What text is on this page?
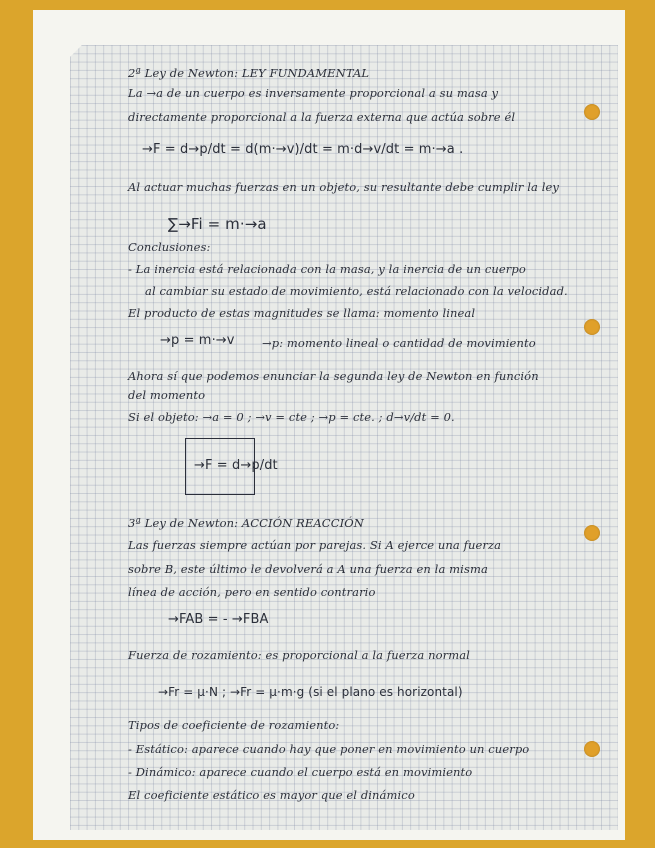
2ª Ley de Newton: LEY FUNDAMENTAL
La →a de un cuerpo es inversamente proporcional a su masa y
directamente proporcional a la fuerza externa que actúa sobre él
→F = d→p/dt = d(m·→v)/dt = m·d→v/dt = m·→a .
Al actuar muchas fuerzas en un objeto, su resultante debe cumplir la ley
∑→Fi = m·→a
Conclusiones:
- La inercia está relacionada con la masa, y la inercia de un cuerpo
al cambiar su estado de movimiento, está relacionado con la velocidad.
El producto de estas magnitudes se llama: momento lineal
→p = m·→v →p: momento lineal o cantidad de movimiento
Ahora sí que podemos enunciar la segunda ley de Newton en función
del momento
Si el objeto: →a = 0 ; →v = cte ; →p = cte. ; d→v/dt = 0.
→F = d→p/dt
3ª Ley de Newton: ACCIÓN REACCIÓN
Las fuerzas siempre actúan por parejas. Si A ejerce una fuerza
sobre B, este último le devolverá a A una fuerza en la misma
línea de acción, pero en sentido contrario
→FAB = - →FBA
Fuerza de rozamiento: es proporcional a la fuerza normal
→Fr = μ·N ; →Fr = μ·m·g (si el plano es horizontal)
Tipos de coeficiente de rozamiento:
- Estático: aparece cuando hay que poner en movimiento un cuerpo
- Dinámico: aparece cuando el cuerpo está en movimiento
El coeficiente estático es mayor que el dinámico
